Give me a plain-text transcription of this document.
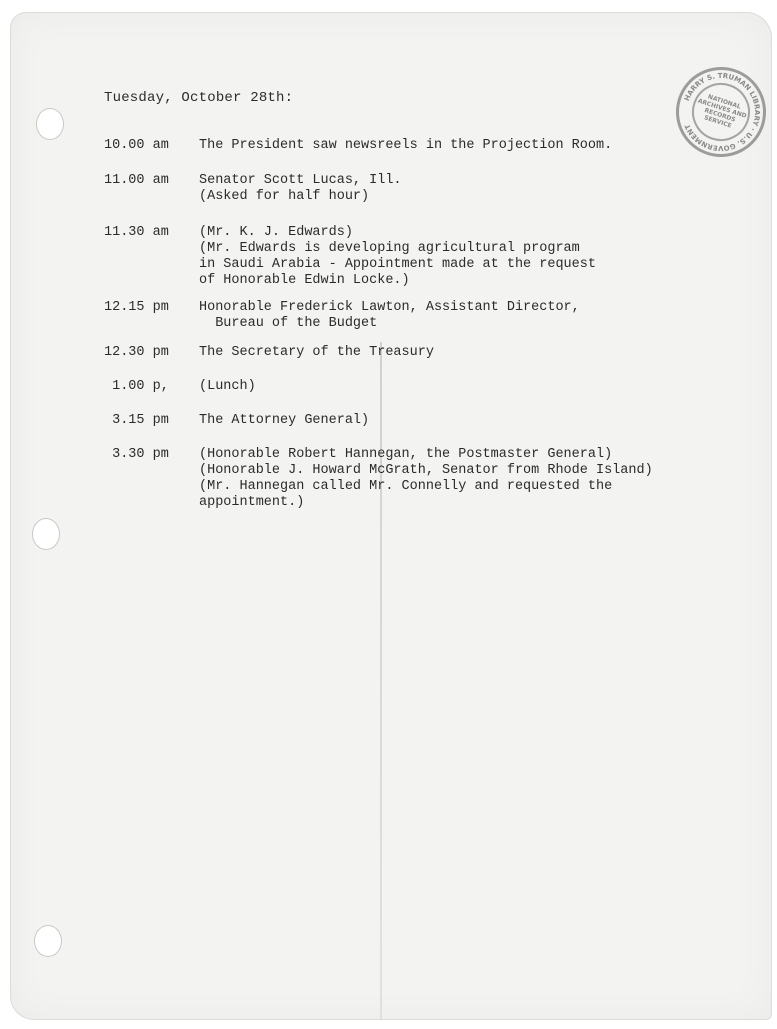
HARRY S. TRUMAN LIBRARY · U.S. GOVERNMENT
NATIONAL
ARCHIVES AND
RECORDS
SERVICE
Tuesday, October 28th:
10.00 am The President saw newsreels in the Projection Room.
11.00 am Senator Scott Lucas, Ill.
(Asked for half hour)
11.30 am (Mr. K. J. Edwards)
(Mr. Edwards is developing agricultural program
in Saudi Arabia - Appointment made at the request
of Honorable Edwin Locke.)
12.15 pm Honorable Frederick Lawton, Assistant Director,
Bureau of the Budget
12.30 pm The Secretary of the Treasury
1.00 p, (Lunch)
3.15 pm The Attorney General)
3.30 pm (Honorable Robert Hannegan, the Postmaster General)
(Honorable J. Howard McGrath, Senator from Rhode Island)
(Mr. Hannegan called Mr. Connelly and requested the
appointment.)
